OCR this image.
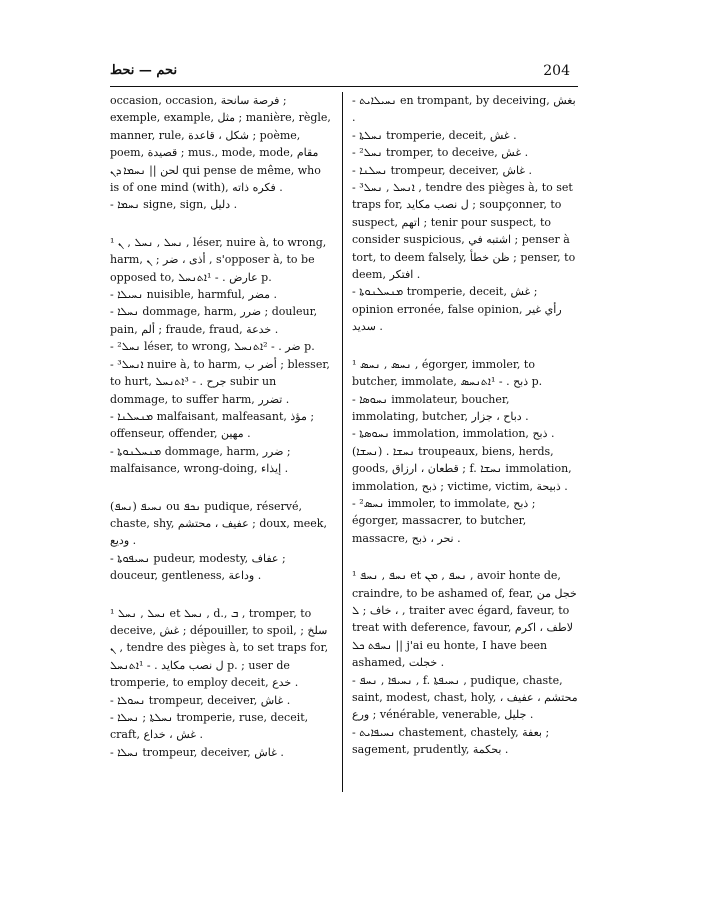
نحم — نحط	204

occasion, occasion, فرصة سانحة ; exemple, example, مثل ; manière, règle, manner, rule, شكل ، قاعدة ; poème, poem, قصيدة ; mus., mode, mode, مقام لحن || ܢܚܡܐ ܕܢ qui pense de même, who is of one mind (with), فكره ذاته .

- ܢܚܡܐ signe, sign, دليل .

¹ ܢܚܠ , ܢܚܠ , ܢ , léser, nuire à, to wrong, harm, أذى ، ضر ; ܢ , s'opposer à, to be opposed to, عارض . - ¹ܐܬܢܚܠ p.

- ܢܚܝܠܐ nuisible, harmful, مضر .

- ܢܚܠܐ dommage, harm, ضرر ; douleur, pain, ألم ; fraude, fraud, خدعة .

- ²ܢܚܠ léser, to wrong, ضر . - ²ܐܬܢܚܠ p.

- ³ܐܢܚܠ nuire à, to harm, أضر ب ; blesser, to hurt, جرح . - ³ܐܬܢܚܠ subir un dommage, to suffer harm, تضرر .

- ܡܢܚܠܢܐ malfaisant, malfeasant, مؤذ ; offenseur, offender, مهين .

- ܡܢܚܠܢܘܬܐ dommage, harm, ضرر ; malfaisance, wrong-doing, إيذاء .

(ܢܚܦ) ܢܚܝܦ ou ܢܟܦ pudique, réservé, chaste, shy, عفيف ، محتشم ; doux, meek, وديع .

- ܢܚܝܦܘܬܐ pudeur, modesty, عفاف ; douceur, gentleness, وداعة .

¹ ܢܚܠ , ܢܚܠ et ܢܚܠ , d., ܒ , tromper, to deceive, غش ; dépouiller, to spoil, سلخ ; ܢ , tendre des pièges à, to set traps for, ل نصب مكايد . - ¹ܐܬܢܚܠ p. ; user de tromperie, to employ deceit, خدع .

- ܢܚܘܠܐ trompeur, deceiver, غاش .

- ܢܚܠܬܐ ; ܢܚܠܐ tromperie, ruse, deceit, craft, غش ، خداع .

- ܢܚܠܐ trompeur, deceiver, غاش .

- ܢܚܝܠܐܝܬ en trompant, by deceiving, بغش .

- ܢܚܠܬܐ tromperie, deceit, غش .

- ²ܢܚܠ tromper, to deceive, غش .

- ܢܚܠܢܐ trompeur, deceiver, غاش .

- ³ܐܢܚܠ , ܢܚܠ , tendre des pièges à, to set traps for, ل نصب مكايد ; soupçonner, to suspect, اتهم ; tenir pour suspect, to consider suspicious, اشتبه في ; penser à tort, to deem falsely, ظن خطأ ; penser, to deem, افتكر .

- ܡܢܚܠܢܘܬܐ tromperie, deceit, غش ; opinion erronée, false opinion, رأي غير سديد .

¹ ܢܚܣ , ܢܚܣ , égorger, immoler, to butcher, immolate, ذبح . - ¹ܐܬܢܚܣ p.

- ܢܚܘܣܐ immolateur, boucher, immolating, butcher, دباح ، جزار .

- ܢܚܘܣܬܐ immolation, immolation, ذبح .

(ܢܚܫܐ) . ܢܚܫܐ troupeaux, biens, herds, goods, قطعان ، ارزاق ; f. ܢܚܫܐ immolation, immolation, ذبح ; victime, victim, ذبيحة .

- ²ܢܚܣ immoler, to immolate, ذبح ; égorger, massacrer, to butcher, massacre, نحر ، ذبح .

¹ ܢܚܦ , ܢܚܦ et ܢܚܦ , ܡܢ , avoir honte de, craindre, to be ashamed of, fear, خجل من ، خاف ; ܠ , traiter avec égard, faveur, to treat with deference, favour, لاطف ، اكرم || ܢܚܦܬ ܟܠ j'ai eu honte, I have been ashamed, خجلت .

- ܢܚܝܦܐ , ܢܚܦ , f. ܢܚܝܦܬܐ , pudique, chaste, saint, modest, chast, holy, محتشم ، عفيف ، ورع ; vénérable, venerable, جليل .

- ܢܚܝܦܐܝܬ chastement, chastely, بعفة ; sagement, prudently, بحكمة .
